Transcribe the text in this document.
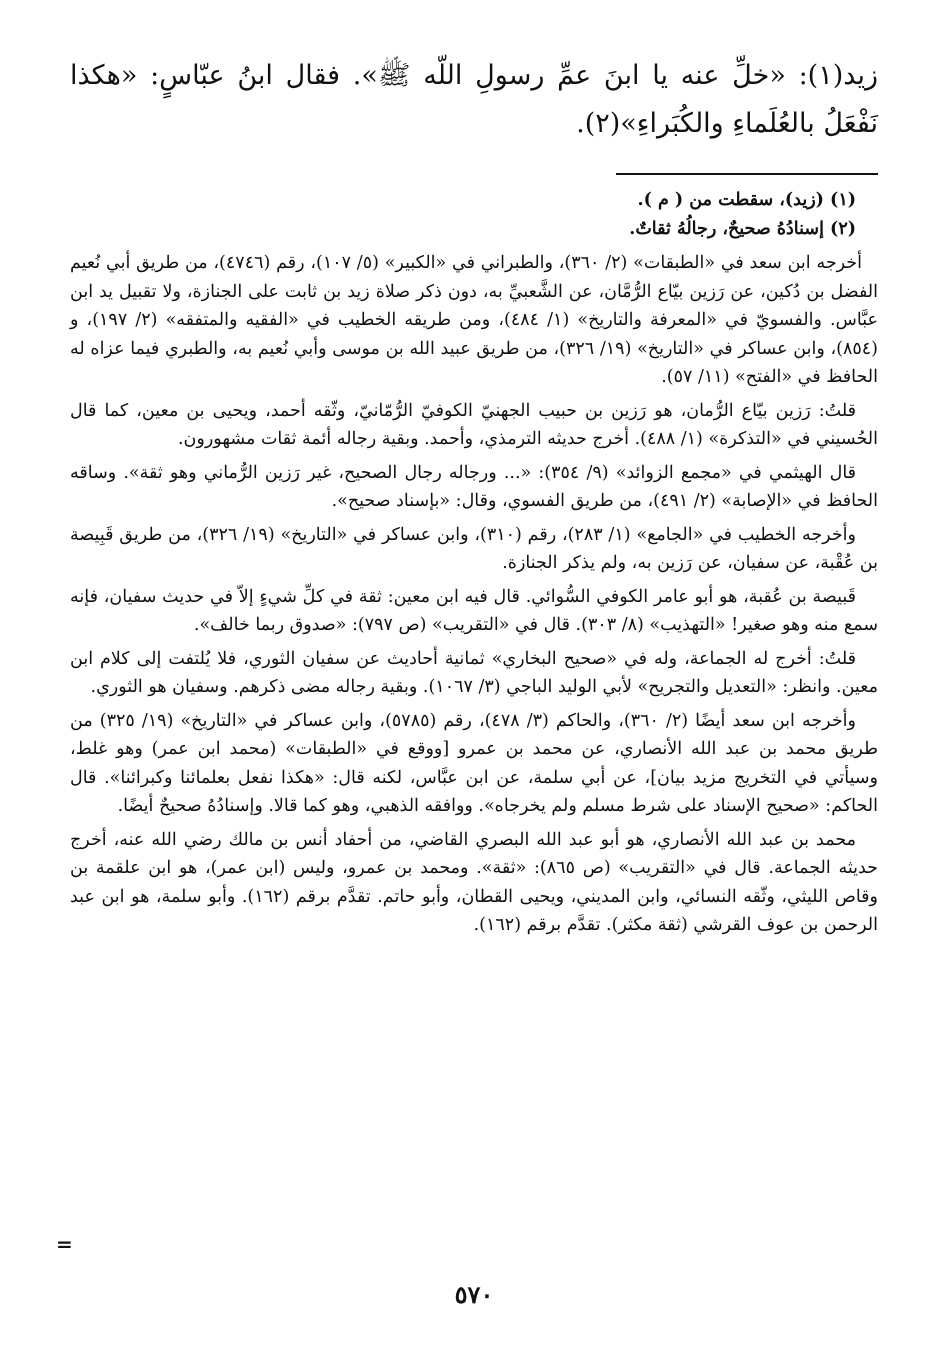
زيد(١): «خلِّ عنه يا ابنَ عمِّ رسولِ اللّه ﷺ». فقال ابنُ عبّاسٍ: «هكذا نَفْعَلُ بالعُلَماءِ والكُبَراءِ»(٢).

(١) (زيد)، سقطت من ( م ).

(٢) إسنادُهُ صحيحٌ، رجالُهُ ثقاتٌ.

أخرجه ابن سعد في «الطبقات» (٢/ ٣٦٠)، والطبراني في «الكبير» (٥/ ١٠٧)، رقم (٤٧٤٦)، من طريق أبي نُعيم الفضل بن دُكين، عن رَزين بيّاع الرُّمَّان، عن الشَّعبيِّ به، دون ذكر صلاة زيد بن ثابت على الجنازة، ولا تقبيل يد ابن عبَّاس. والفسويّ في «المعرفة والتاريخ» (١/ ٤٨٤)، ومن طريقه الخطيب في «الفقيه والمتفقه» (٢/ ١٩٧)، و (٨٥٤)، وابن عساكر في «التاريخ» (١٩/ ٣٢٦)، من طريق عبيد الله بن موسى وأبي نُعيم به، والطبري فيما عزاه له الحافظ في «الفتح» (١١/ ٥٧).

قلتُ: رَزين بيّاع الرُّمان، هو رَزين بن حبيب الجهنيّ الكوفيّ الرُّمّانيّ، وثّقه أحمد، ويحيى بن معين، كما قال الحُسيني في «التذكرة» (١/ ٤٨٨). أخرج حديثه الترمذي، وأحمد. وبقية رجاله أئمة ثقات مشهورون.

قال الهيثمي في «مجمع الزوائد» (٩/ ٣٥٤): «... ورجاله رجال الصحيح، غير رَزين الرُّماني وهو ثقة». وساقه الحافظ في «الإصابة» (٢/ ٤٩١)، من طريق الفسوي، وقال: «بإسناد صحيح».

وأخرجه الخطيب في «الجامع» (١/ ٢٨٣)، رقم (٣١٠)، وابن عساكر في «التاريخ» (١٩/ ٣٢٦)، من طريق قَبِيصة بن عُقْبة، عن سفيان، عن رَزين به، ولم يذكر الجنازة.

قَبيصة بن عُقبة، هو أبو عامر الكوفي السُّوائي. قال فيه ابن معين: ثقة في كلِّ شيءٍ إلاّ في حديث سفيان، فإنه سمع منه وهو صغير! «التهذيب» (٨/ ٣٠٣). قال في «التقريب» (ص ٧٩٧): «صدوق ربما خالف».

قلتُ: أخرج له الجماعة، وله في «صحيح البخاري» ثمانية أحاديث عن سفيان الثوري، فلا يُلتفت إلى كلام ابن معين. وانظر: «التعديل والتجريح» لأبي الوليد الباجي (٣/ ١٠٦٧). وبقية رجاله مضى ذكرهم. وسفيان هو الثوري.

وأخرجه ابن سعد أيضًا (٢/ ٣٦٠)، والحاكم (٣/ ٤٧٨)، رقم (٥٧٨٥)، وابن عساكر في «التاريخ» (١٩/ ٣٢٥) من طريق محمد بن عبد الله الأنصاري، عن محمد بن عمرو [ووقع في «الطبقات» (محمد ابن عمر) وهو غلط، وسيأتي في التخريج مزيد بيان]، عن أبي سلمة، عن ابن عبَّاس، لكنه قال: «هكذا نفعل بعلمائنا وكبرائنا». قال الحاكم: «صحيح الإسناد على شرط مسلم ولم يخرجاه». ووافقه الذهبي، وهو كما قالا. وإسنادُهُ صحيحٌ أيضًا.

محمد بن عبد الله الأنصاري، هو أبو عبد الله البصري القاضي، من أحفاد أنس بن مالك رضي الله عنه، أخرج حديثه الجماعة. قال في «التقريب» (ص ٨٦٥): «ثقة». ومحمد بن عمرو، وليس (ابن عمر)، هو ابن علقمة بن وقاص الليثي، وثّقه النسائي، وابن المديني، ويحيى القطان، وأبو حاتم. تقدَّم برقم (١٦٢). وأبو سلمة، هو ابن عبد الرحمن بن عوف القرشي (ثقة مكثر). تقدَّم برقم (١٦٢).

=
٥٧٠
